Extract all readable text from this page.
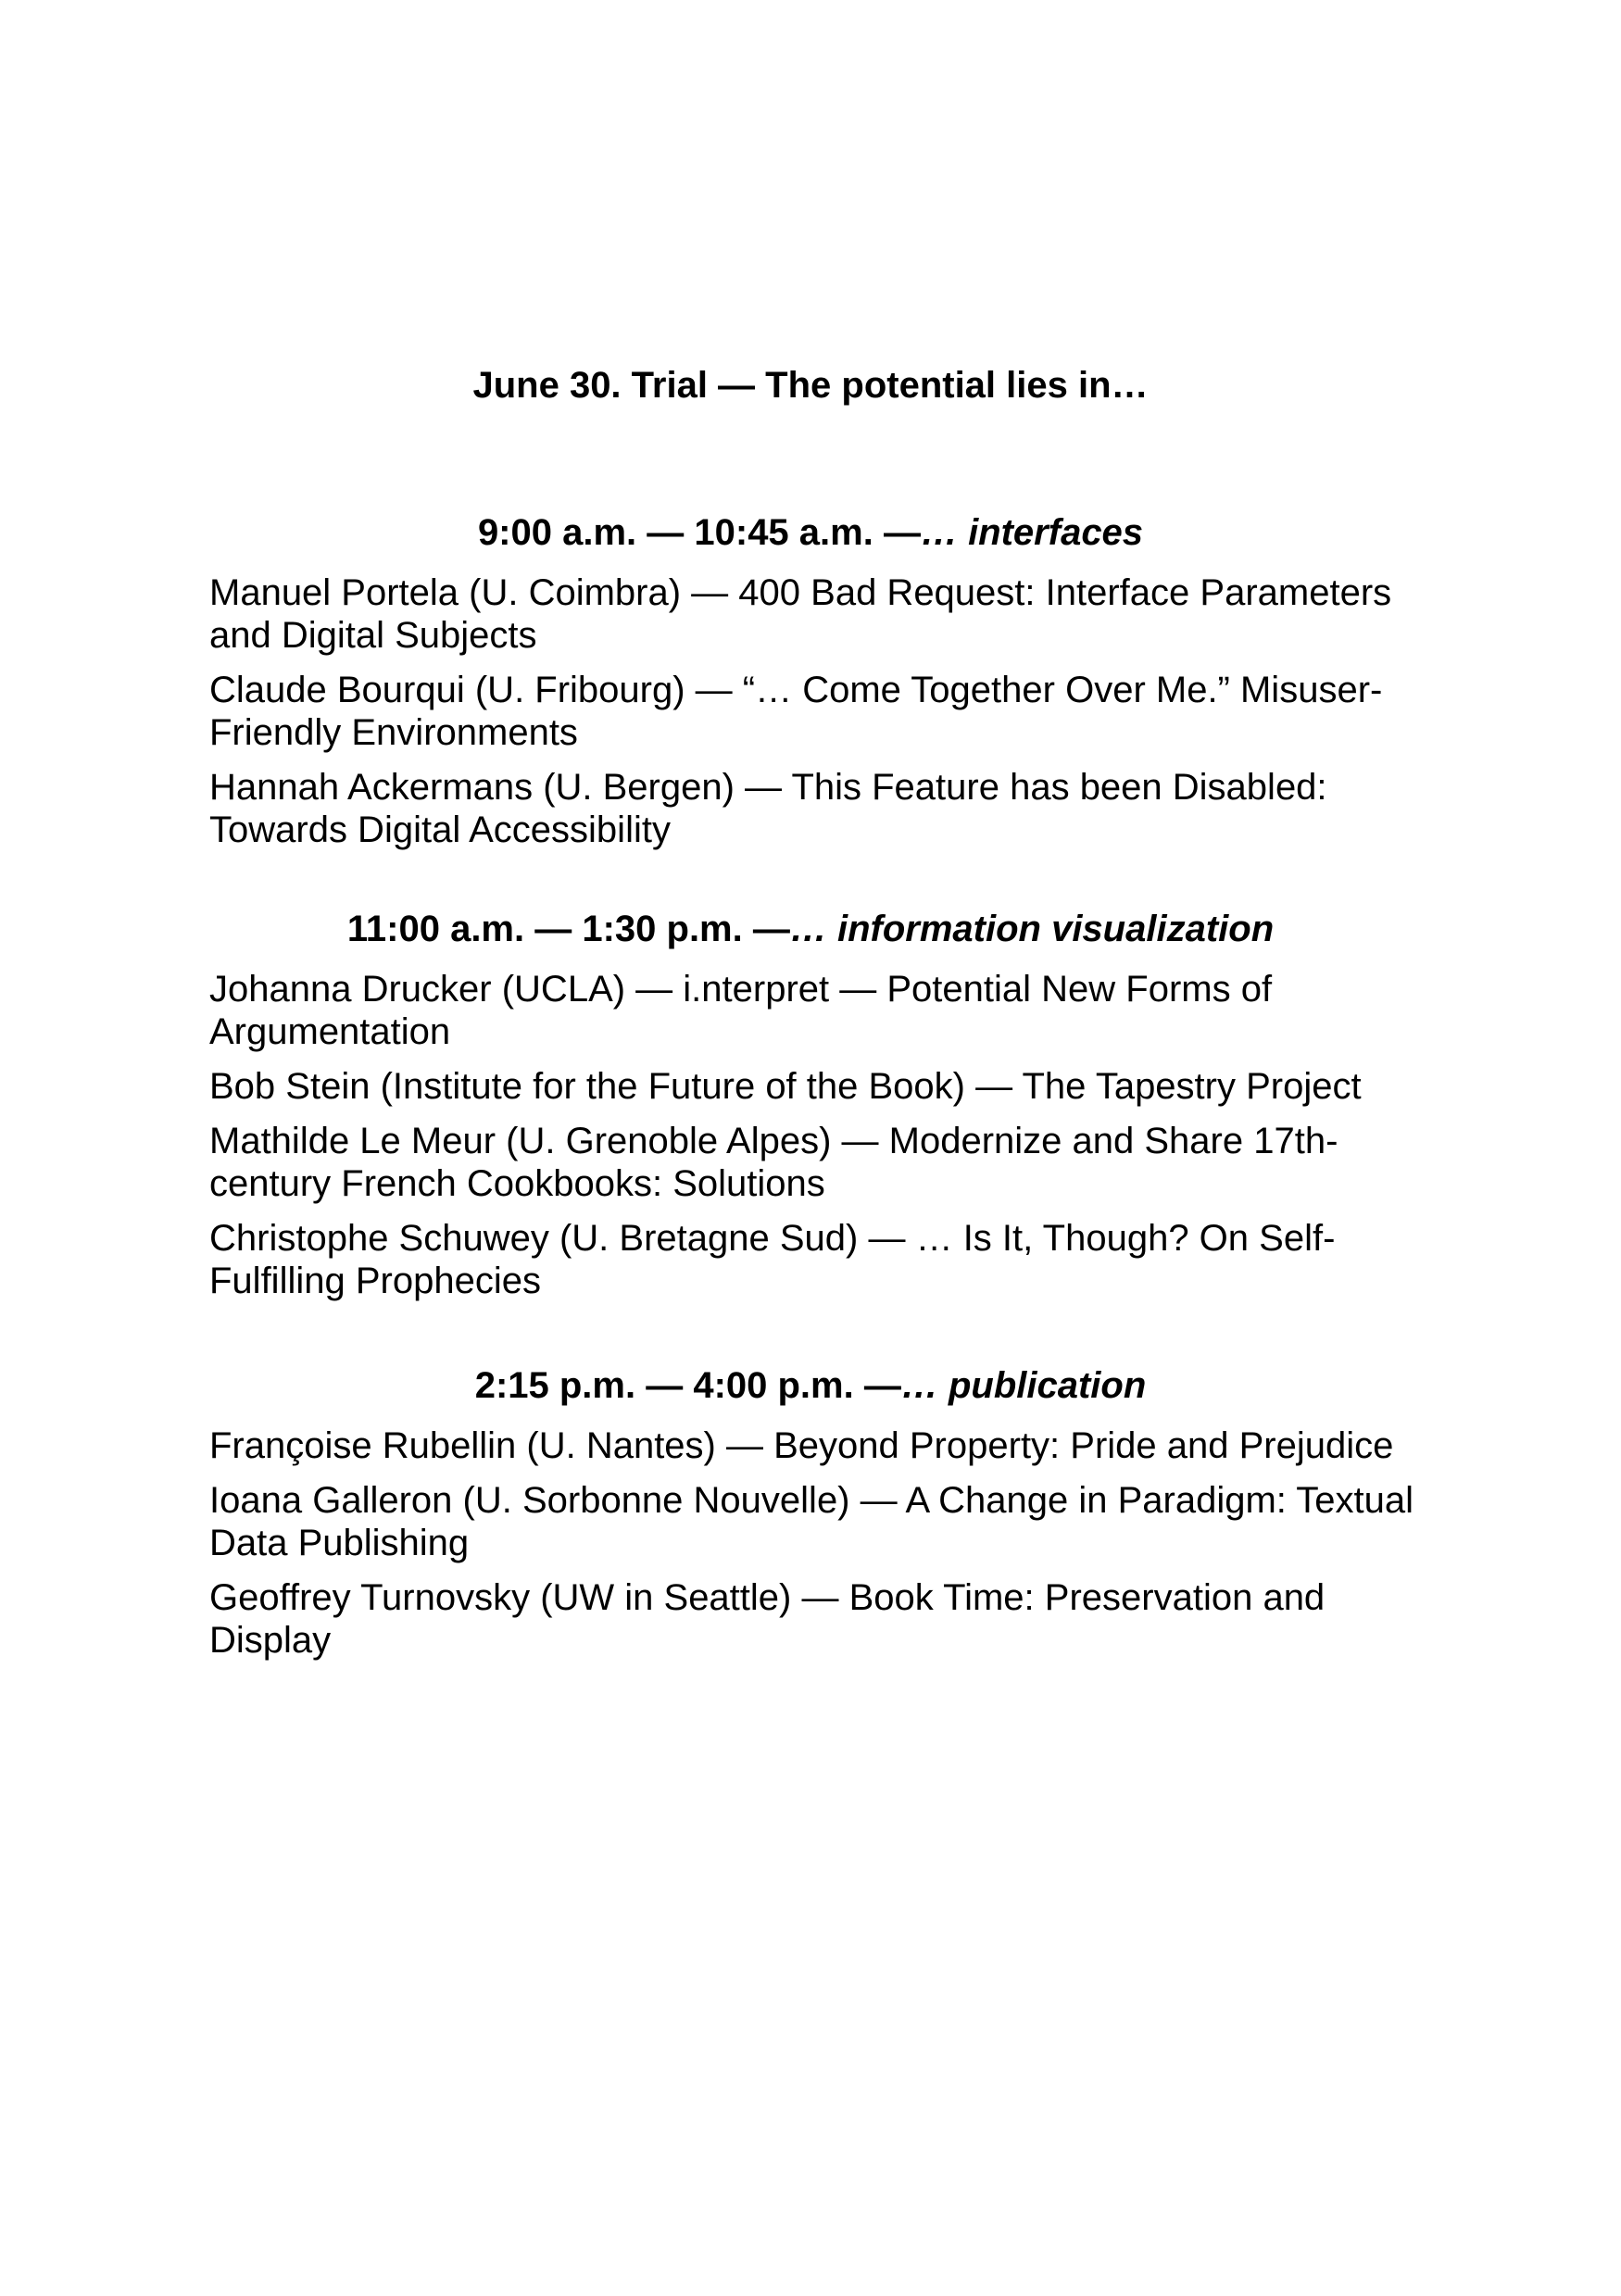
June 30. Trial — The potential lies in…
9:00 a.m. — 10:45 a.m. —… interfaces
Manuel Portela (U. Coimbra) — 400 Bad Request: Interface Parameters and Digital Subjects
Claude Bourqui (U. Fribourg) — “… Come Together Over Me.” Misuser-Friendly Environments
Hannah Ackermans (U. Bergen) — This Feature has been Disabled: Towards Digital Accessibility
11:00 a.m. — 1:30 p.m. —… information visualization
Johanna Drucker (UCLA) — i.nterpret — Potential New Forms of Argumentation
Bob Stein (Institute for the Future of the Book) — The Tapestry Project
Mathilde Le Meur (U. Grenoble Alpes) — Modernize and Share 17th-century French Cookbooks: Solutions
Christophe Schuwey (U. Bretagne Sud) — … Is It, Though? On Self-Fulfilling Prophecies
2:15 p.m. — 4:00 p.m. —… publication
Françoise Rubellin (U. Nantes) — Beyond Property: Pride and Prejudice
Ioana Galleron (U. Sorbonne Nouvelle) — A Change in Paradigm: Textual Data Publishing
Geoffrey Turnovsky (UW in Seattle) — Book Time: Preservation and Display
